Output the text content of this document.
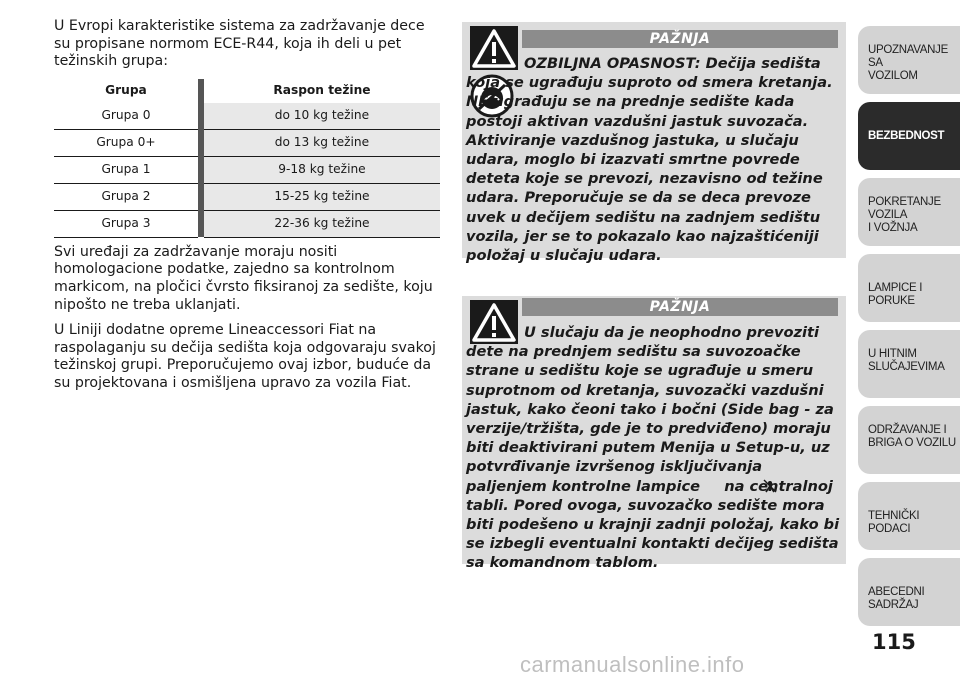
U Evropi karakteristike sistema za zadržavanje dece su propisane normom ECE-R44, koja ih deli u pet težinskih grupa:

Grupa		Raspon težine
Grupa 0		do 10 kg težine
Grupa 0+		do 13 kg težine
Grupa 1		9-18 kg težine
Grupa 2		15-25 kg težine
Grupa 3		22-36 kg težine

Svi uređaji za zadržavanje moraju nositi homologacione podatke, zajedno sa kontrolnom markicom, na pločici čvrsto fiksiranoj za sedište, koju nipošto ne treba uklanjati.

U Liniji dodatne opreme Lineaccessori Fiat na raspolaganju su dečija sedišta koja odgovaraju svakoj težinskoj grupi. Preporučujemo ovaj izbor, buduće da su projektovana i osmišljena upravo za vozila Fiat.

PAŽNJA
OZBILJNA OPASNOST: Dečija sedišta koja se ugrađuju suproto od smera kretanja. NE ugrađuju se na prednje sedište kada postoji aktivan vazdušni jastuk suvozača. Aktiviranje vazdušnog jastuka, u slučaju udara, moglo bi izazvati smrtne povrede deteta koje se prevozi, nezavisno od težine udara. Preporučuje se da se deca prevoze uvek u dečijem sedištu na zadnjem sedištu vozila, jer se to pokazalo kao najzaštićeniji položaj u slučaju udara.
PAŽNJA
U slučaju da je neophodno prevoziti dete na prednjem sedištu sa suvozoačke strane u sedištu koje se ugrađuje u smeru suprotnom od kretanja, suvozački vazdušni jastuk, kako čeoni tako i bočni (Side bag - za verzije/tržišta, gde je to predviđeno) moraju biti deaktivirani putem Menija u Setup-u, uz potvrđivanje izvršenog isključivanja paljenjem kontrolne lampice na centralnoj tabli. Pored ovoga, suvozačko sedište mora biti podešeno u krajnji zadnji položaj, kako bi se izbegli eventualni kontakti dečijeg sedišta sa komandnom tablom.
UPOZNAVANJE SA
VOZILOM
BEZBEDNOST
POKRETANJE VOZILA
I VOŽNJA
LAMPICE I PORUKE
U HITNIM
SLUČAJEVIMA
ODRŽAVANJE I
BRIGA O VOZILU
TEHNIČKI PODACI
ABECEDNI SADRŽAJ
115
carmanualsonline.info
